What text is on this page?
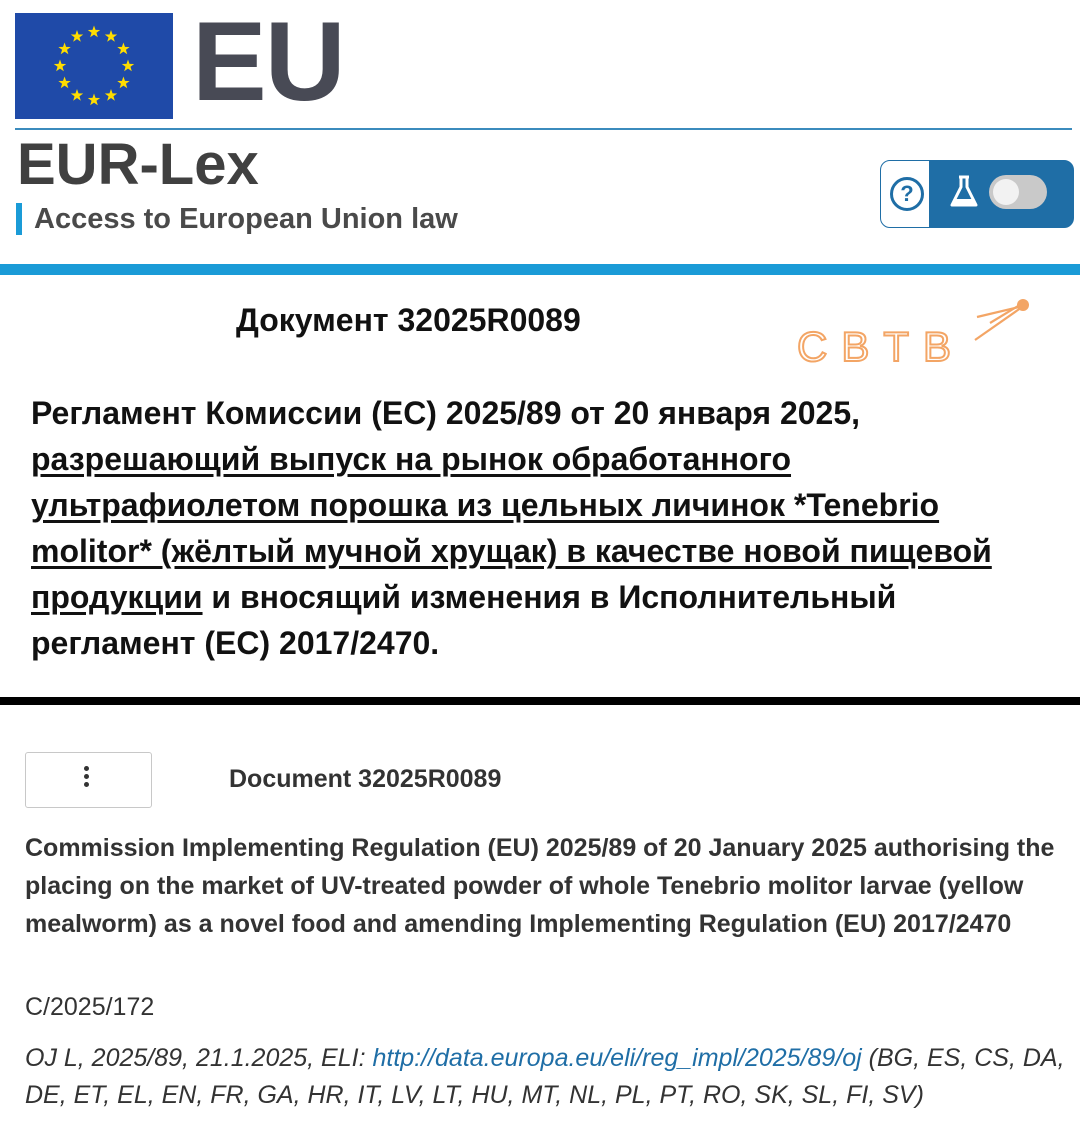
EU
EUR-Lex
Access to European Union law
?
Документ 32025R0089
CBTB
Регламент Комиссии (ЕС) 2025/89 от 20 января 2025,
разрешающий выпуск на рынок обработанного ультрафиолетом порошка из цельных личинок *Tenebrio molitor* (жёлтый мучной хрущак) в качестве новой пищевой продукции и вносящий изменения в Исполнительный регламент (ЕС) 2017/2470.
Document 32025R0089
Commission Implementing Regulation (EU) 2025/89 of 20 January 2025 authorising the placing on the market of UV-treated powder of whole Tenebrio molitor larvae (yellow mealworm) as a novel food and amending Implementing Regulation (EU) 2017/2470
C/2025/172
OJ L, 2025/89, 21.1.2025, ELI: http://data.europa.eu/eli/reg_impl/2025/89/oj (BG, ES, CS, DA, DE, ET, EL, EN, FR, GA, HR, IT, LV, LT, HU, MT, NL, PL, PT, RO, SK, SL, FI, SV)
